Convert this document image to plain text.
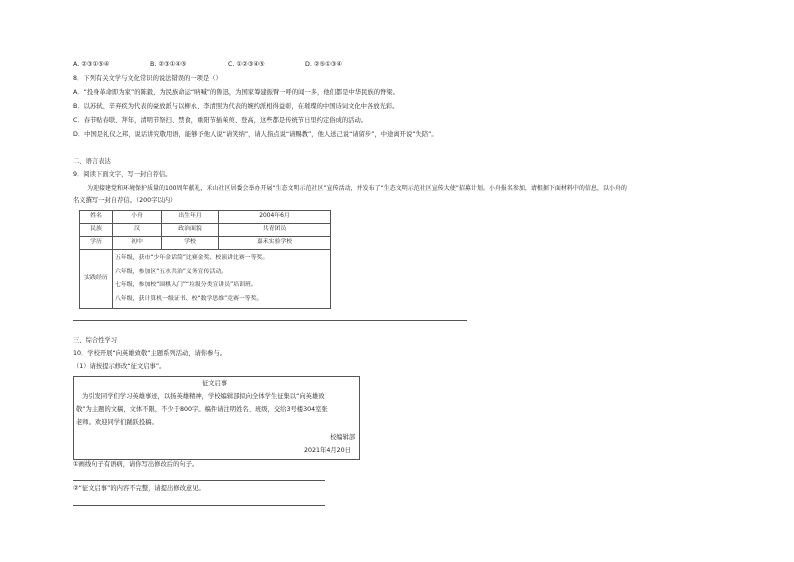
A. ②③①⑤④	B. ②③①④⑤	C. ①②③④⑤	D. ②⑤①③④
8．下列有关文学与文化常识的说法错误的一项是（）
A．“投身革命即为家”的陈毅，为民族命运“呐喊”的鲁迅，为国家筹建振臂一呼的闻一多，他们都是中华民族的脊梁。
B．以苏轼、辛弃疾为代表的豪放派与以柳永、李清照为代表的婉约派相得益彰，在璀璨的中国诗词文化中各放光彩。
C．春节贴春联、拜年，清明节祭扫、禁食，重阳节插茱萸、登高，这些都是传统节日里约定俗成的活动。
D．中国是礼仪之邦，说话讲究敬用语，能够予他人说“请笑纳”，请人指点说“请赐教”，他人送己说“请留步”，中途离开说“失陪”。
二、语言表达
9．阅读下面文字，写一封自荐信。
为迎接建党和环境保护质量的100周年献礼，禾山社区居委会举办开展“生态文明示范社区”宣传活动，并发布了“生态文明示范社区宣传大使”招募计划。小舟报名参加，请根据下面材料中的信息，以小舟的
名义撰写一封自荐信。（200字以内）
姓名	小舟	出生年月	2004年6月
民族	汉	政治面貌	共青团员
学历	初中	学校	嘉禾实验学校
实践经历	五年级，获市“少年金话筒”比赛金奖、校演讲比赛一等奖。
六年级，参加区“五水共治”义务宣传活动。
七年级，参加校“围棋入门”“垃圾分类宣讲员”培训班。
八年级，获计算机一级证书、校“数学思维”竞赛一等奖。		
三、综合性学习
10．学校开展“向英雄致敬”主题系列活动，请你参与。
（1）请按提示修改“征文启事”。
征文启事
为引发同学们学习英雄事迹，以扬英雄精神，学校编辑部拟向全体学生征集以“向英雄致
敬”为主题的文稿，文体不限，不少于800字。稿件请注明姓名、班级，交给3号楼304室张
老师。欢迎同学们踊跃投稿。
校编辑部
2021年4月20日
①画线句子有语病，请你写出修改后的句子。
②“征文启事”的内容不完整，请提出修改意见。
